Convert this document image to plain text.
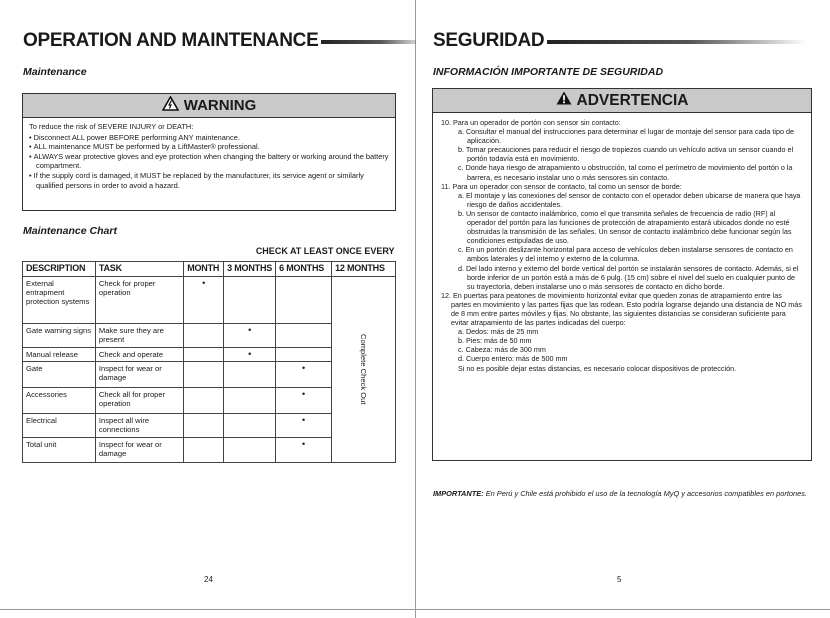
OPERATION AND MAINTENANCE
Maintenance
WARNING

To reduce the risk of SEVERE INJURY or DEATH:

• Disconnect ALL power BEFORE performing ANY maintenance.
• ALL maintenance MUST be performed by a LiftMaster® professional.
• ALWAYS wear protective gloves and eye protection when changing the battery or working around the battery compartment.
• If the supply cord is damaged, it MUST be replaced by the manufacturer, its service agent or similarly qualified persons in order to avoid a hazard.
Maintenance Chart
CHECK AT LEAST ONCE EVERY					
DESCRIPTION	TASK	MONTH	3 MONTHS	6 MONTHS	12 MONTHS
External entrapment protection systems	Check for proper operation	•			Complete Check Out

Gate warning signs	Make sure they are present		•		
Manual release	Check and operate		•		
Gate	Inspect for wear or damage			•	
Accessories	Check all for proper operation			•	
Electrical	Inspect all wire connections			•	
Total unit	Inspect for wear or damage			•	
24
SEGURIDAD
INFORMACIÓN IMPORTANTE DE SEGURIDAD
ADVERTENCIA

10. Para un operador de portón con sensor sin contacto:

a. Consultar el manual del instrucciones para determinar el lugar de montaje del sensor para cada tipo de aplicación.

b. Tomar precauciones para reducir el riesgo de tropiezos cuando un vehículo activa un sensor cuando el portón todavía está en movimiento.

c. Donde haya riesgo de atrapamiento u obstrucción, tal como el perímetro de movimiento del portón o la barrera, es necesario instalar uno o más sensores sin contacto.

11. Para un operador con sensor de contacto, tal como un sensor de borde:

a. El montaje y las conexiones del sensor de contacto con el operador deben ubicarse de manera que haya riesgo de daños accidentales.

b. Un sensor de contacto inalámbrico, como el que transmita señales de frecuencia de radio (RF) al operador del portón para las funciones de protección de atrapamiento estará ubicados donde no esté obstruidas la transmisión de las señales. Un sensor de contacto inalámbrico debe funcionar según las condiciones estipuladas de uso.

c. En un portón deslizante horizontal para acceso de vehículos deben instalarse sensores de contacto en ambos laterales y del interno y externo de la columna.

d. Del lado interno y externo del borde vertical del portón se instalarán sensores de contacto. Además, si el borde inferior de un portón está a más de 6 pulg. (15 cm) sobre el nivel del suelo en cualquier punto de su trayectoria, deben instalarse uno o más sensores de contacto en dicho borde.

12. En puertas para peatones de movimiento horizontal evitar que queden zonas de atrapamiento entre las partes en movimiento y las partes fijas que las rodean. Esto podría lograrse dejando una distancia de NO más de 8 mm entre partes móviles y fijas. No obstante, las siguientes distancias se consideran suficiente para evitar atrapamiento de las partes indicadas del cuerpo:

a. Dedos: más de 25 mm

b. Pies: más de 50 mm

c. Cabeza: más de 300 mm

d. Cuerpo entero: más de 500 mm

Si no es posible dejar estas distancias, es necesario colocar dispositivos de protección.

IMPORTANTE: En Perú y Chile está prohibido el uso de la tecnología MyQ y accesorios compatibles en portones.
5
